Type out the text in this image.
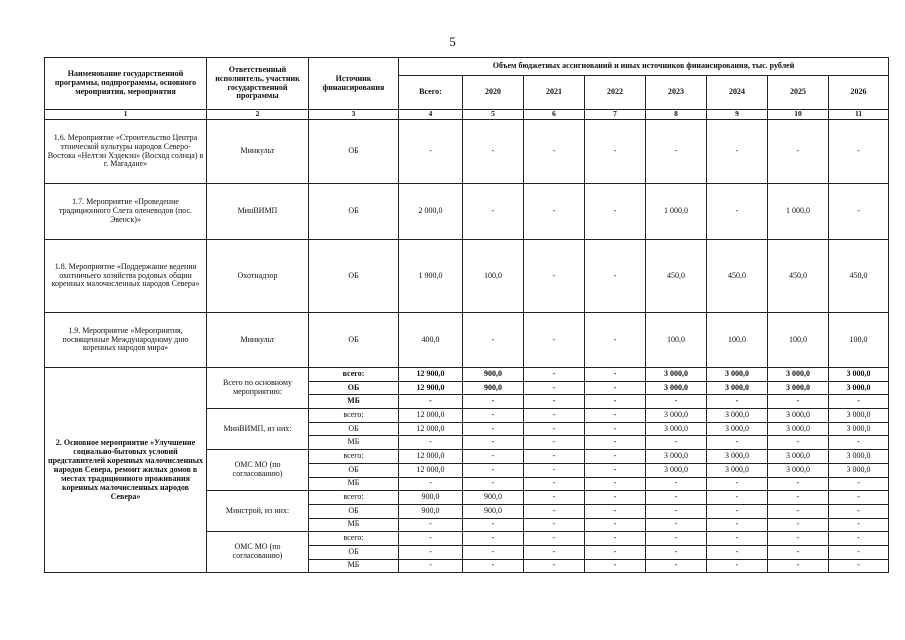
5
Наименование государственной программы, подпрограммы, основного мероприятия, мероприятия	Ответственный исполнитель, участник государственной программы	Источник финансирования	Объем бюджетных ассигнований и иных источников финансирования, тыс. рублей							
			Всего:	2020	2021	2022	2023	2024	2025	2026
1	2	3	4	5	6	7	8	9	10	11
1.6. Мероприятие «Строительство Центра этнической культуры народов Северо-Востока «Нелтэн Хэдекэн» (Восход солнца) в г. Магадане»	Минкульт	ОБ	-	-	-	-	-	-	-	-
1.7. Мероприятие «Проведение традиционного Слета оленеводов (пос. Эвенск)»	МинВИМП	ОБ	2 000,0	-	-	-	1 000,0	-	1 000,0	-
1.8. Мероприятие «Поддержание ведения охотничьего хозяйства родовых общин коренных малочисленных народов Севера»	Охотнадзор	ОБ	1 900,0	100,0	-	-	450,0	450,0	450,0	450,0
1.9. Мероприятие «Мероприятия, посвященные Международному дню коренных народов мира»	Минкульт	ОБ	400,0	-	-	-	100,0	100,0	100,0	100,0
2. Основное мероприятие «Улучшение социально-бытовых условий представителей коренных малочисленных народов Севера, ремонт жилых домов в местах традиционного проживания коренных малочисленных народов Севера»	Всего по основному мероприятию:	всего:	12 900,0	900,0	-	-	3 000,0	3 000,0	3 000,0	3 000,0
		ОБ	12 900,0	900,0	-	-	3 000,0	3 000,0	3 000,0	3 000,0
		МБ	-	-	-	-	-	-	-	-
	МинВИМП, из них:	всего:	12 000,0	-	-	-	3 000,0	3 000,0	3 000,0	3 000,0
		ОБ	12 000,0	-	-	-	3 000,0	3 000,0	3 000,0	3 000,0
		МБ	-	-	-	-	-	-	-	-
	ОМС МО (по согласованию)	всего:	12 000,0	-	-	-	3 000,0	3 000,0	3 000,0	3 000,0
		ОБ	12 000,0	-	-	-	3 000,0	3 000,0	3 000,0	3 000,0
		МБ	-	-	-	-	-	-	-	-
	Минстрой, из них:	всего:	900,0	900,0	-	-	-	-	-	-
		ОБ	900,0	900,0	-	-	-	-	-	-
		МБ	-	-	-	-	-	-	-	-
	ОМС МО (по согласованию)	всего:	-	-	-	-	-	-	-	-
		ОБ	-	-	-	-	-	-	-	-
		МБ	-	-	-	-	-	-	-	-
